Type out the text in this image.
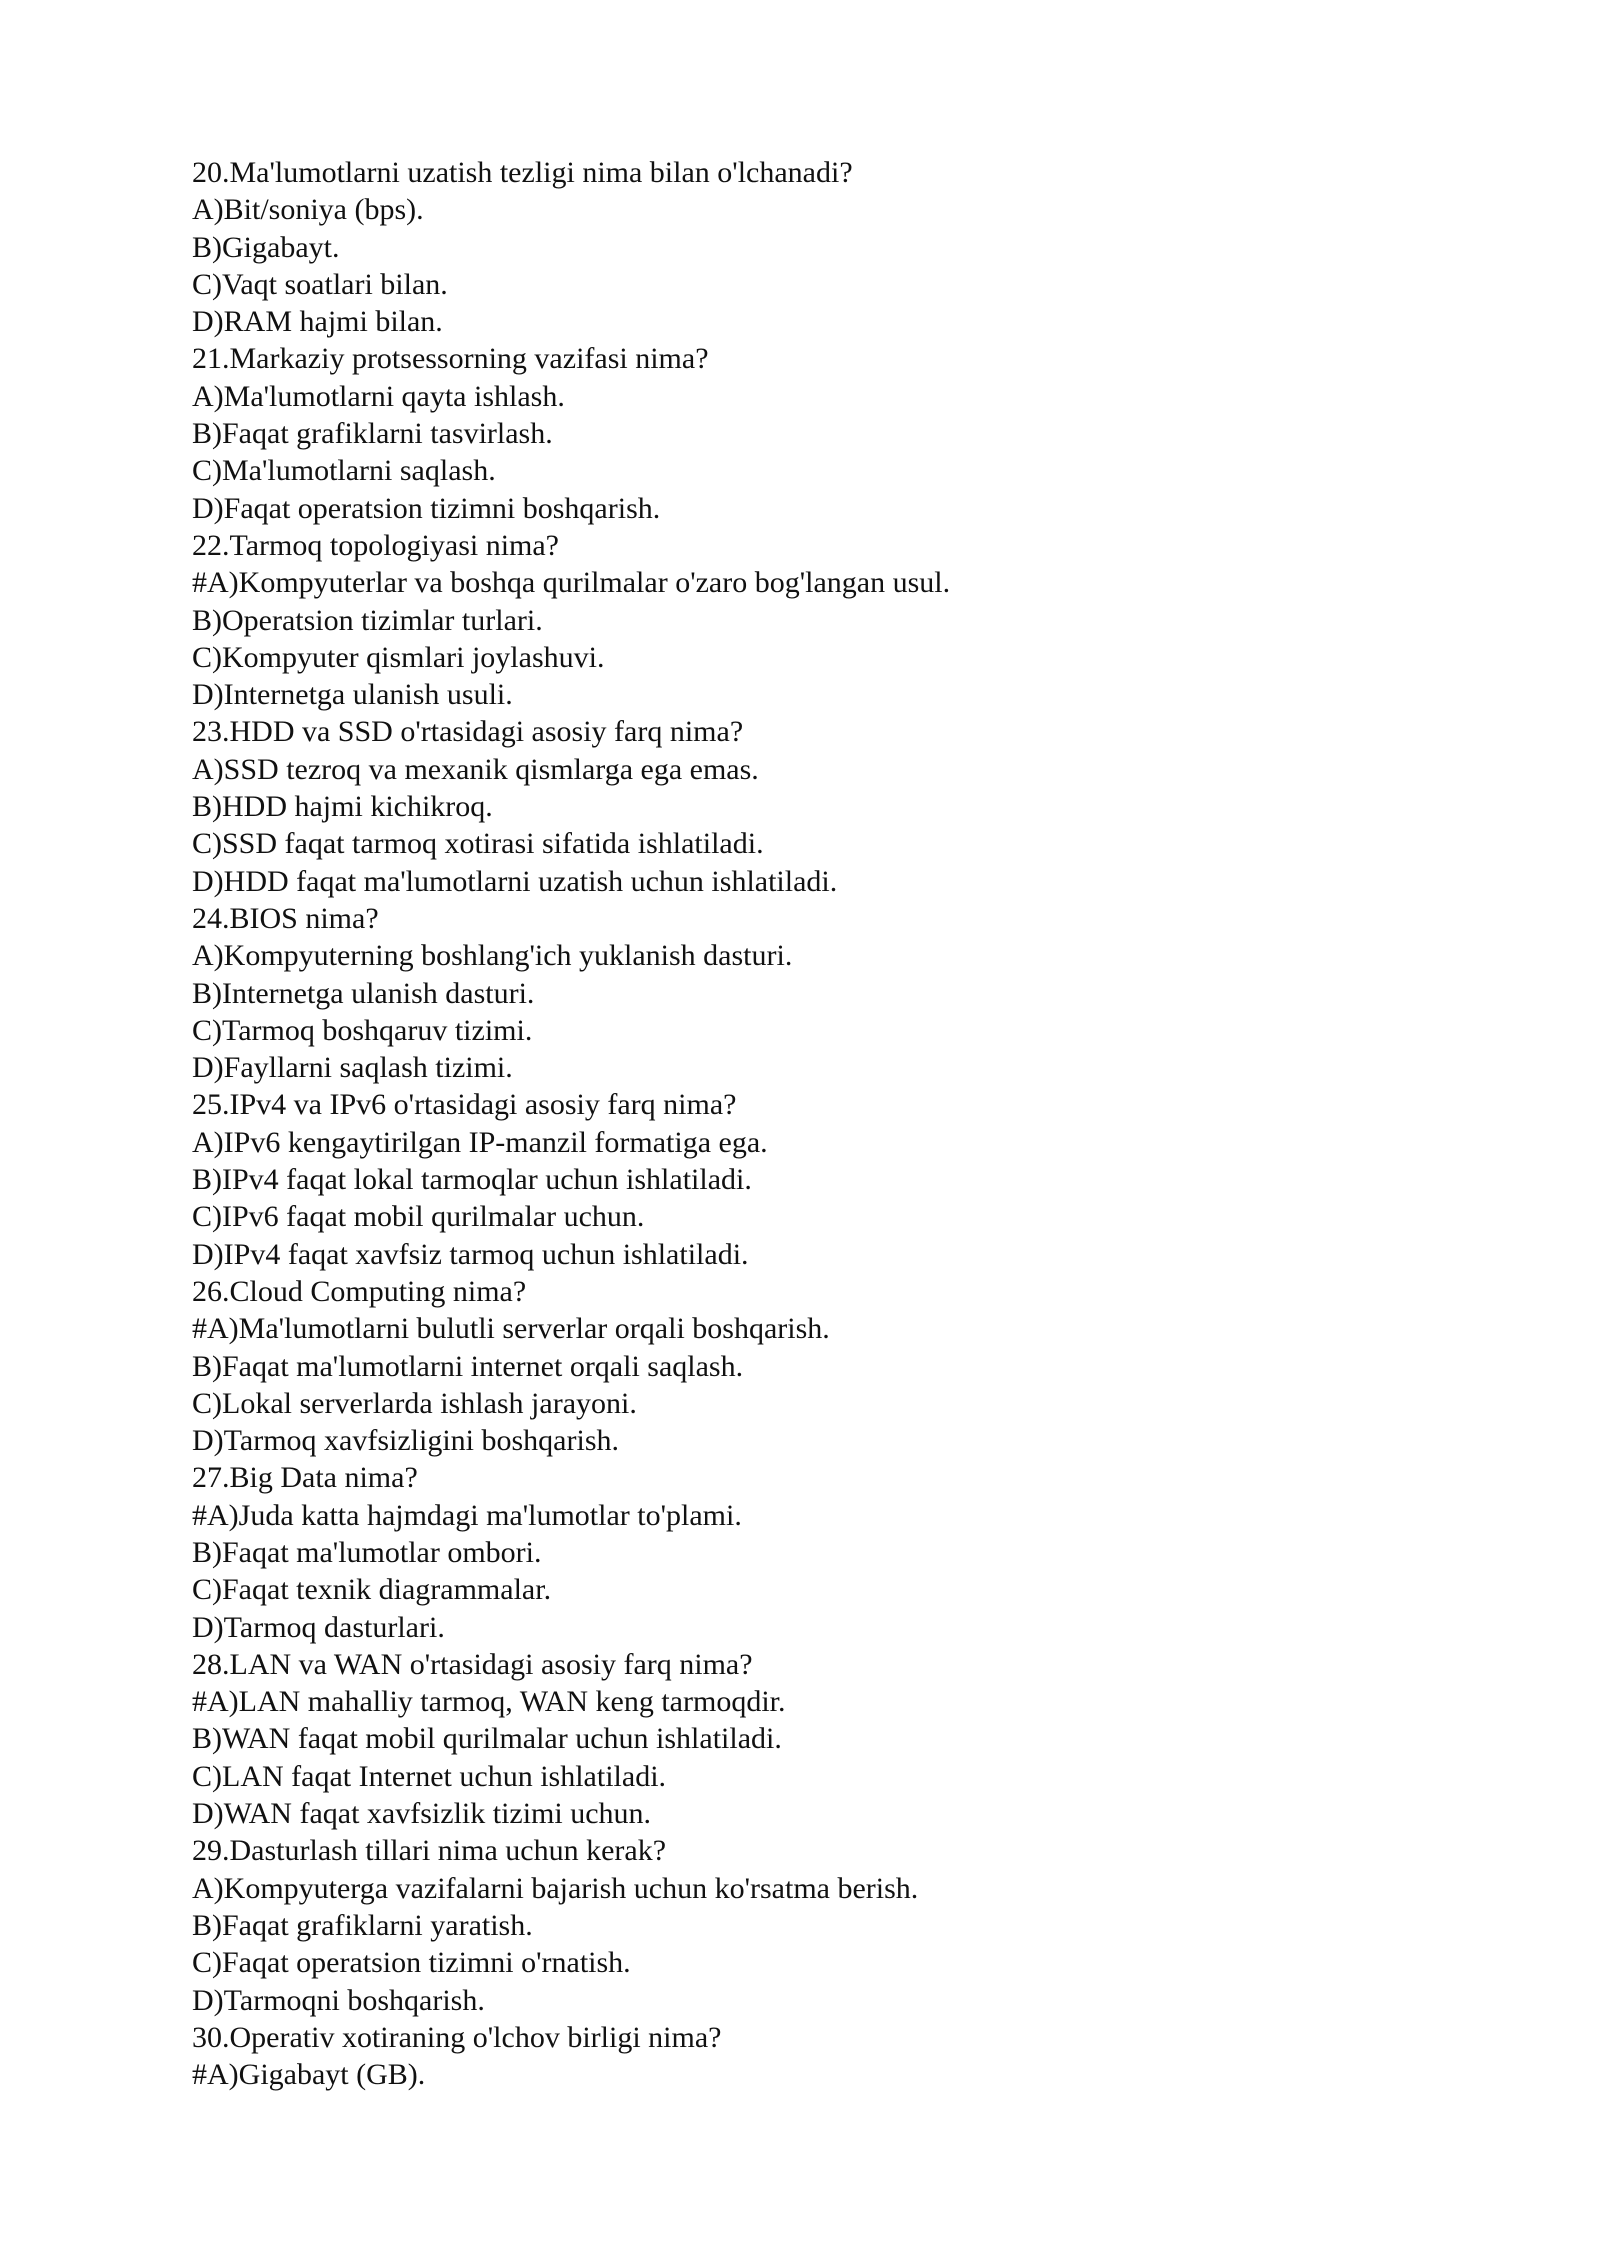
20.Ma'lumotlarni uzatish tezligi nima bilan o'lchanadi?

A)Bit/soniya (bps).

B)Gigabayt.

C)Vaqt soatlari bilan.

D)RAM hajmi bilan.

21.Markaziy protsessorning vazifasi nima?

A)Ma'lumotlarni qayta ishlash.

B)Faqat grafiklarni tasvirlash.

C)Ma'lumotlarni saqlash.

D)Faqat operatsion tizimni boshqarish.

22.Tarmoq topologiyasi nima?

#A)Kompyuterlar va boshqa qurilmalar o'zaro bog'langan usul.

B)Operatsion tizimlar turlari.

C)Kompyuter qismlari joylashuvi.

D)Internetga ulanish usuli.

23.HDD va SSD o'rtasidagi asosiy farq nima?

A)SSD tezroq va mexanik qismlarga ega emas.

B)HDD hajmi kichikroq.

C)SSD faqat tarmoq xotirasi sifatida ishlatiladi.

D)HDD faqat ma'lumotlarni uzatish uchun ishlatiladi.

24.BIOS nima?

A)Kompyuterning boshlang'ich yuklanish dasturi.

B)Internetga ulanish dasturi.

C)Tarmoq boshqaruv tizimi.

D)Fayllarni saqlash tizimi.

25.IPv4 va IPv6 o'rtasidagi asosiy farq nima?

A)IPv6 kengaytirilgan IP-manzil formatiga ega.

B)IPv4 faqat lokal tarmoqlar uchun ishlatiladi.

C)IPv6 faqat mobil qurilmalar uchun.

D)IPv4 faqat xavfsiz tarmoq uchun ishlatiladi.

26.Cloud Computing nima?

#A)Ma'lumotlarni bulutli serverlar orqali boshqarish.

B)Faqat ma'lumotlarni internet orqali saqlash.

C)Lokal serverlarda ishlash jarayoni.

D)Tarmoq xavfsizligini boshqarish.

27.Big Data nima?

#A)Juda katta hajmdagi ma'lumotlar to'plami.

B)Faqat ma'lumotlar ombori.

C)Faqat texnik diagrammalar.

D)Tarmoq dasturlari.

28.LAN va WAN o'rtasidagi asosiy farq nima?

#A)LAN mahalliy tarmoq, WAN keng tarmoqdir.

B)WAN faqat mobil qurilmalar uchun ishlatiladi.

C)LAN faqat Internet uchun ishlatiladi.

D)WAN faqat xavfsizlik tizimi uchun.

29.Dasturlash tillari nima uchun kerak?

A)Kompyuterga vazifalarni bajarish uchun ko'rsatma berish.

B)Faqat grafiklarni yaratish.

C)Faqat operatsion tizimni o'rnatish.

D)Tarmoqni boshqarish.

30.Operativ xotiraning o'lchov birligi nima?

#A)Gigabayt (GB).
